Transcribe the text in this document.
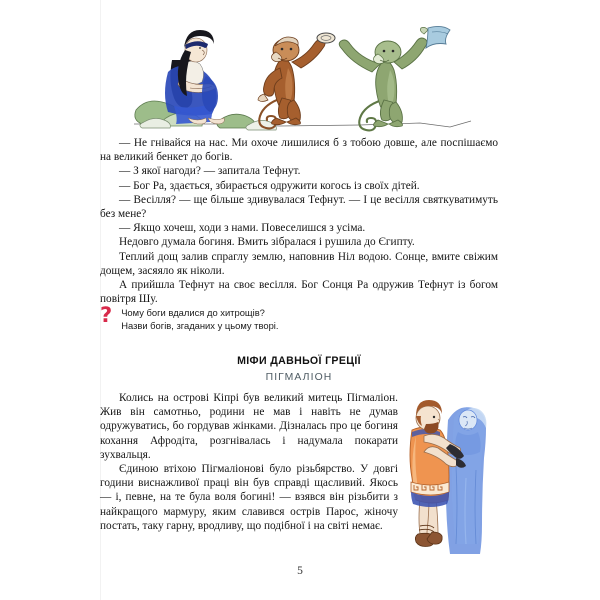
— Не гнівайся на нас. Ми охоче лишилися б з тобою довше, але поспішаємо на великий бенкет до богів.

— З якої нагоди? — запитала Тефнут.

— Бог Ра, здається, збирається одружити когось із своїх дітей.

— Весілля? — ще більше здивувалася Тефнут. — І це весілля святкуватимуть без мене?

— Якщо хочеш, ходи з нами. Повеселишся з усіма.

Недовго думала богиня. Вмить зібралася і рушила до Єгипту.

Теплий дощ залив спраглу землю, наповнив Ніл водою. Сонце, вмите свіжим дощем, засяяло як ніколи.

А прийшла Тефнут на своє весілля. Бог Сонця Ра одружив Тефнут із богом повітря Шу.

? Чому боги вдалися до хитрощів?
Назви богів, згаданих у цьому творі.
МІФИ ДАВНЬОЇ ГРЕЦІЇ
ПІГМАЛІОН

Колись на острові Кіпрі був великий митець Пігмаліон. Жив він самотньо, родини не мав і навіть не думав одружуватись, бо гордував жінками. Дізналась про це богиня кохання Афродіта, розгнівалась і надумала покарати зухвальця.

Єдиною втіхою Пігмаліонові було різьбярство. У довгі години виснажливої праці він був справді щасливий. Якось — і, певне, на те була воля богині! — взявся він різьбити з найкращого мармуру, яким славився острів Парос, жіночу постать, таку гарну, вродливу, що подібної і на світі немає.

5
